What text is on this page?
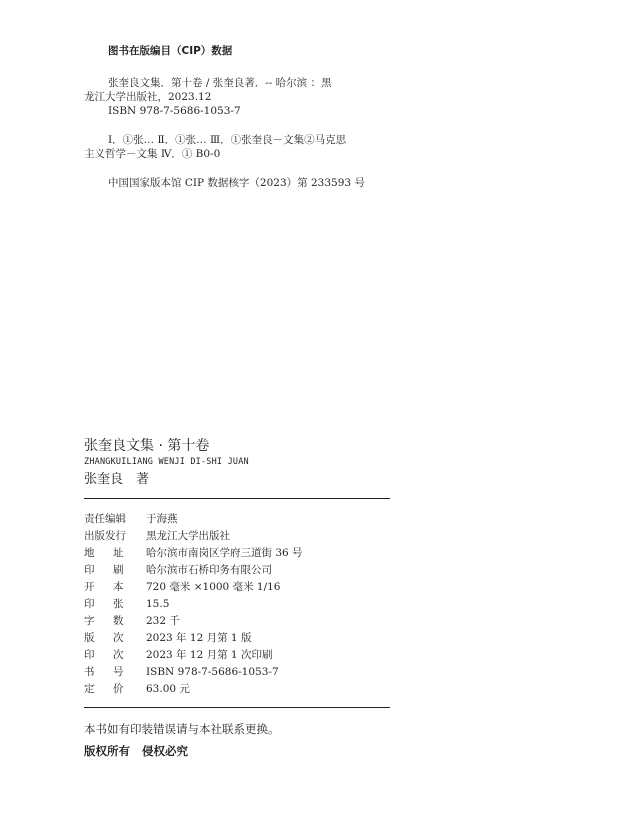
图书在版编目（CIP）数据

张奎良文集．第十卷 / 张奎良著．-- 哈尔滨 ：黑

龙江大学出版社，2023.12

ISBN 978-7-5686-1053-7

Ⅰ．①张… Ⅱ．①张… Ⅲ．①张奎良－文集②马克思

主义哲学－文集 Ⅳ．① B0-0

中国国家版本馆 CIP 数据核字（2023）第 233593 号

张奎良文集 · 第十卷
ZHANGKUILIANG WENJI DI-SHI JUAN
张奎良　著
责任编辑	于海燕
出版发行	黑龙江大学出版社
地 址	哈尔滨市南岗区学府三道街 36 号
印 刷	哈尔滨市石桥印务有限公司
开 本	720 毫米 ×1000 毫米 1/16
印 张	15.5
字 数	232 千
版 次	2023 年 12 月第 1 版
印 次	2023 年 12 月第 1 次印刷
书 号	ISBN 978-7-5686-1053-7
定 价	63.00 元
本书如有印装错误请与本社联系更换。
版权所有 侵权必究
